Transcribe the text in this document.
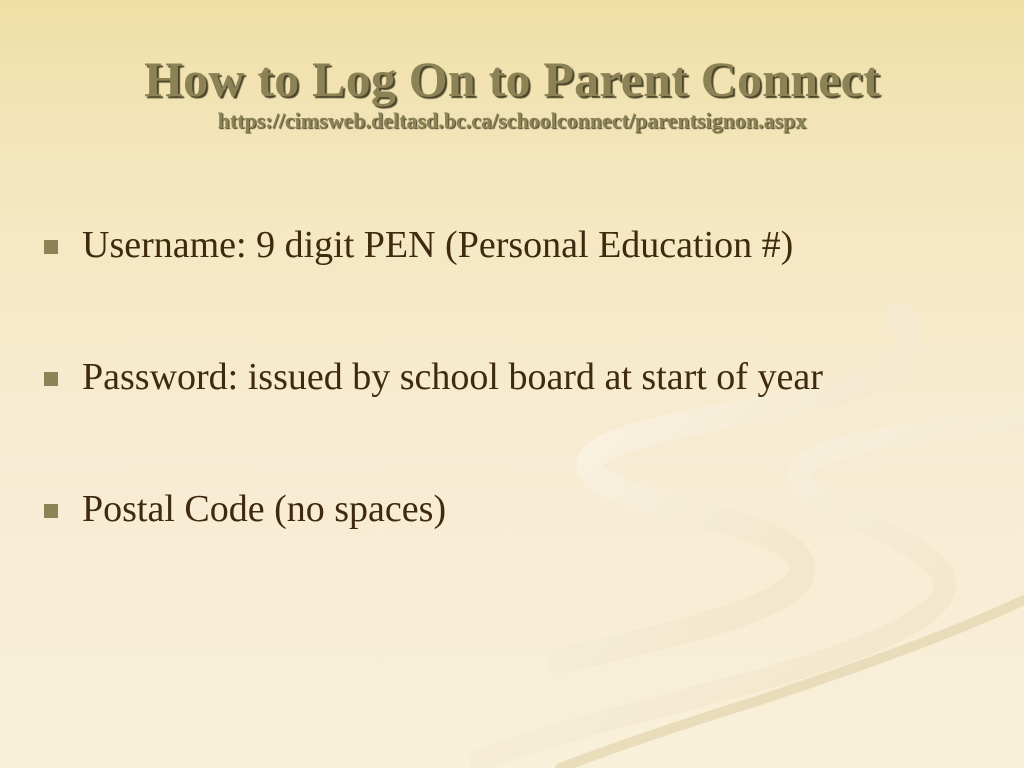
How to Log On to Parent Connect

https://cimsweb.deltasd.bc.ca/schoolconnect/parentsignon.aspx

Username: 9 digit PEN (Personal Education #)
Password: issued by school board at start of year
Postal Code (no spaces)
